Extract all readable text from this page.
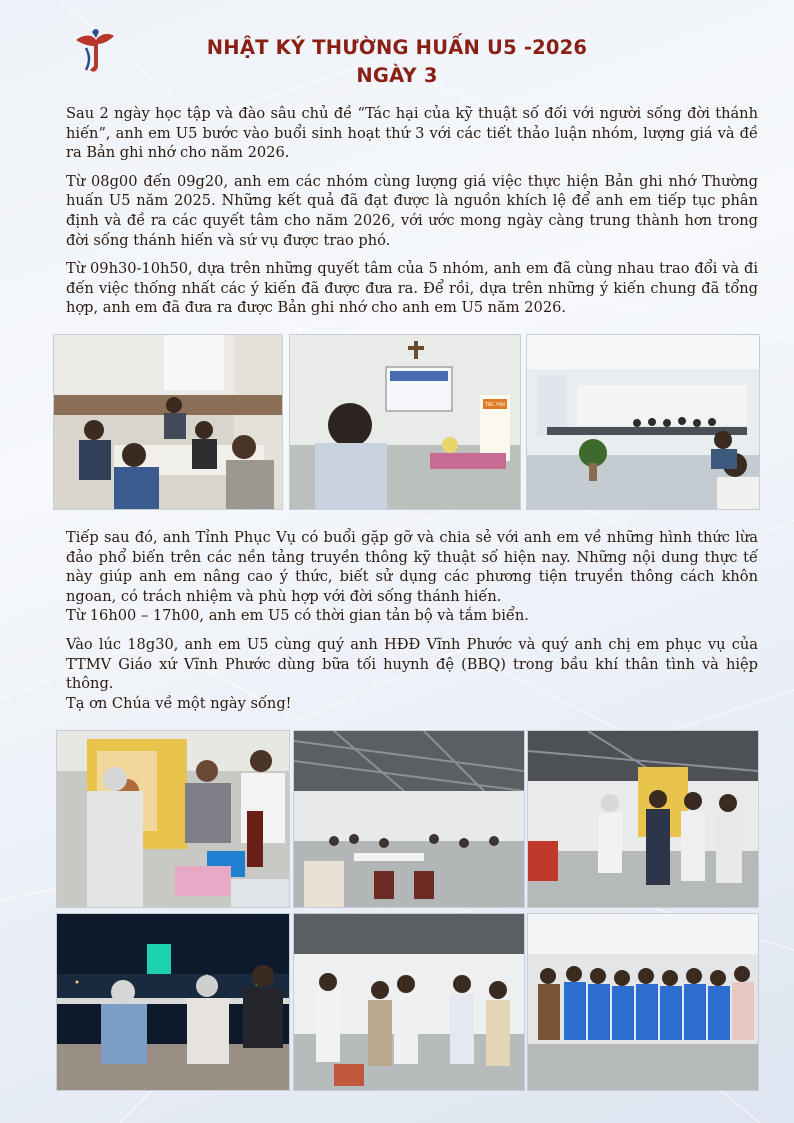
NHẬT KÝ THƯỜNG HUẤN U5 -2026
NGÀY 3

Sau 2 ngày học tập và đào sâu chủ đề “Tác hại của kỹ thuật số đối với người sống đời thánh hiến”, anh em U5 bước vào buổi sinh hoạt thứ 3 với các tiết thảo luận nhóm, lượng giá và đề ra Bản ghi nhớ cho năm 2026.

Từ 08g00 đến 09g20, anh em các nhóm cùng lượng giá việc thực hiện Bản ghi nhớ Thường huấn U5 năm 2025. Những kết quả đã đạt được là nguồn khích lệ để anh em tiếp tục phân định và đề ra các quyết tâm cho năm 2026, với ước mong ngày càng trung thành hơn trong đời sống thánh hiến và sứ vụ được trao phó.

Từ 09h30-10h50, dựa trên những quyết tâm của 5 nhóm, anh em đã cùng nhau trao đổi và đi đến việc thống nhất các ý kiến đã được đưa ra. Để rồi, dựa trên những ý kiến chung đã tổng hợp, anh em đã đưa ra được Bản ghi nhớ cho anh em U5 năm 2026.

TÁC HẠI

Tiếp sau đó, anh Tỉnh Phục Vụ có buổi gặp gỡ và chia sẻ với anh em về những hình thức lừa đảo phổ biến trên các nền tảng truyền thông kỹ thuật số hiện nay. Những nội dung thực tế này giúp anh em nâng cao ý thức, biết sử dụng các phương tiện truyền thông cách khôn ngoan, có trách nhiệm và phù hợp với đời sống thánh hiến.
Từ 16h00 – 17h00, anh em U5 có thời gian tản bộ và tắm biển.

Vào lúc 18g30, anh em U5 cùng quý anh HĐĐ Vĩnh Phước và quý anh chị em phục vụ của TTMV Giáo xứ Vĩnh Phước dùng bữa tối huynh đệ (BBQ) trong bầu khí thân tình và hiệp thông.
Tạ ơn Chúa về một ngày sống!
